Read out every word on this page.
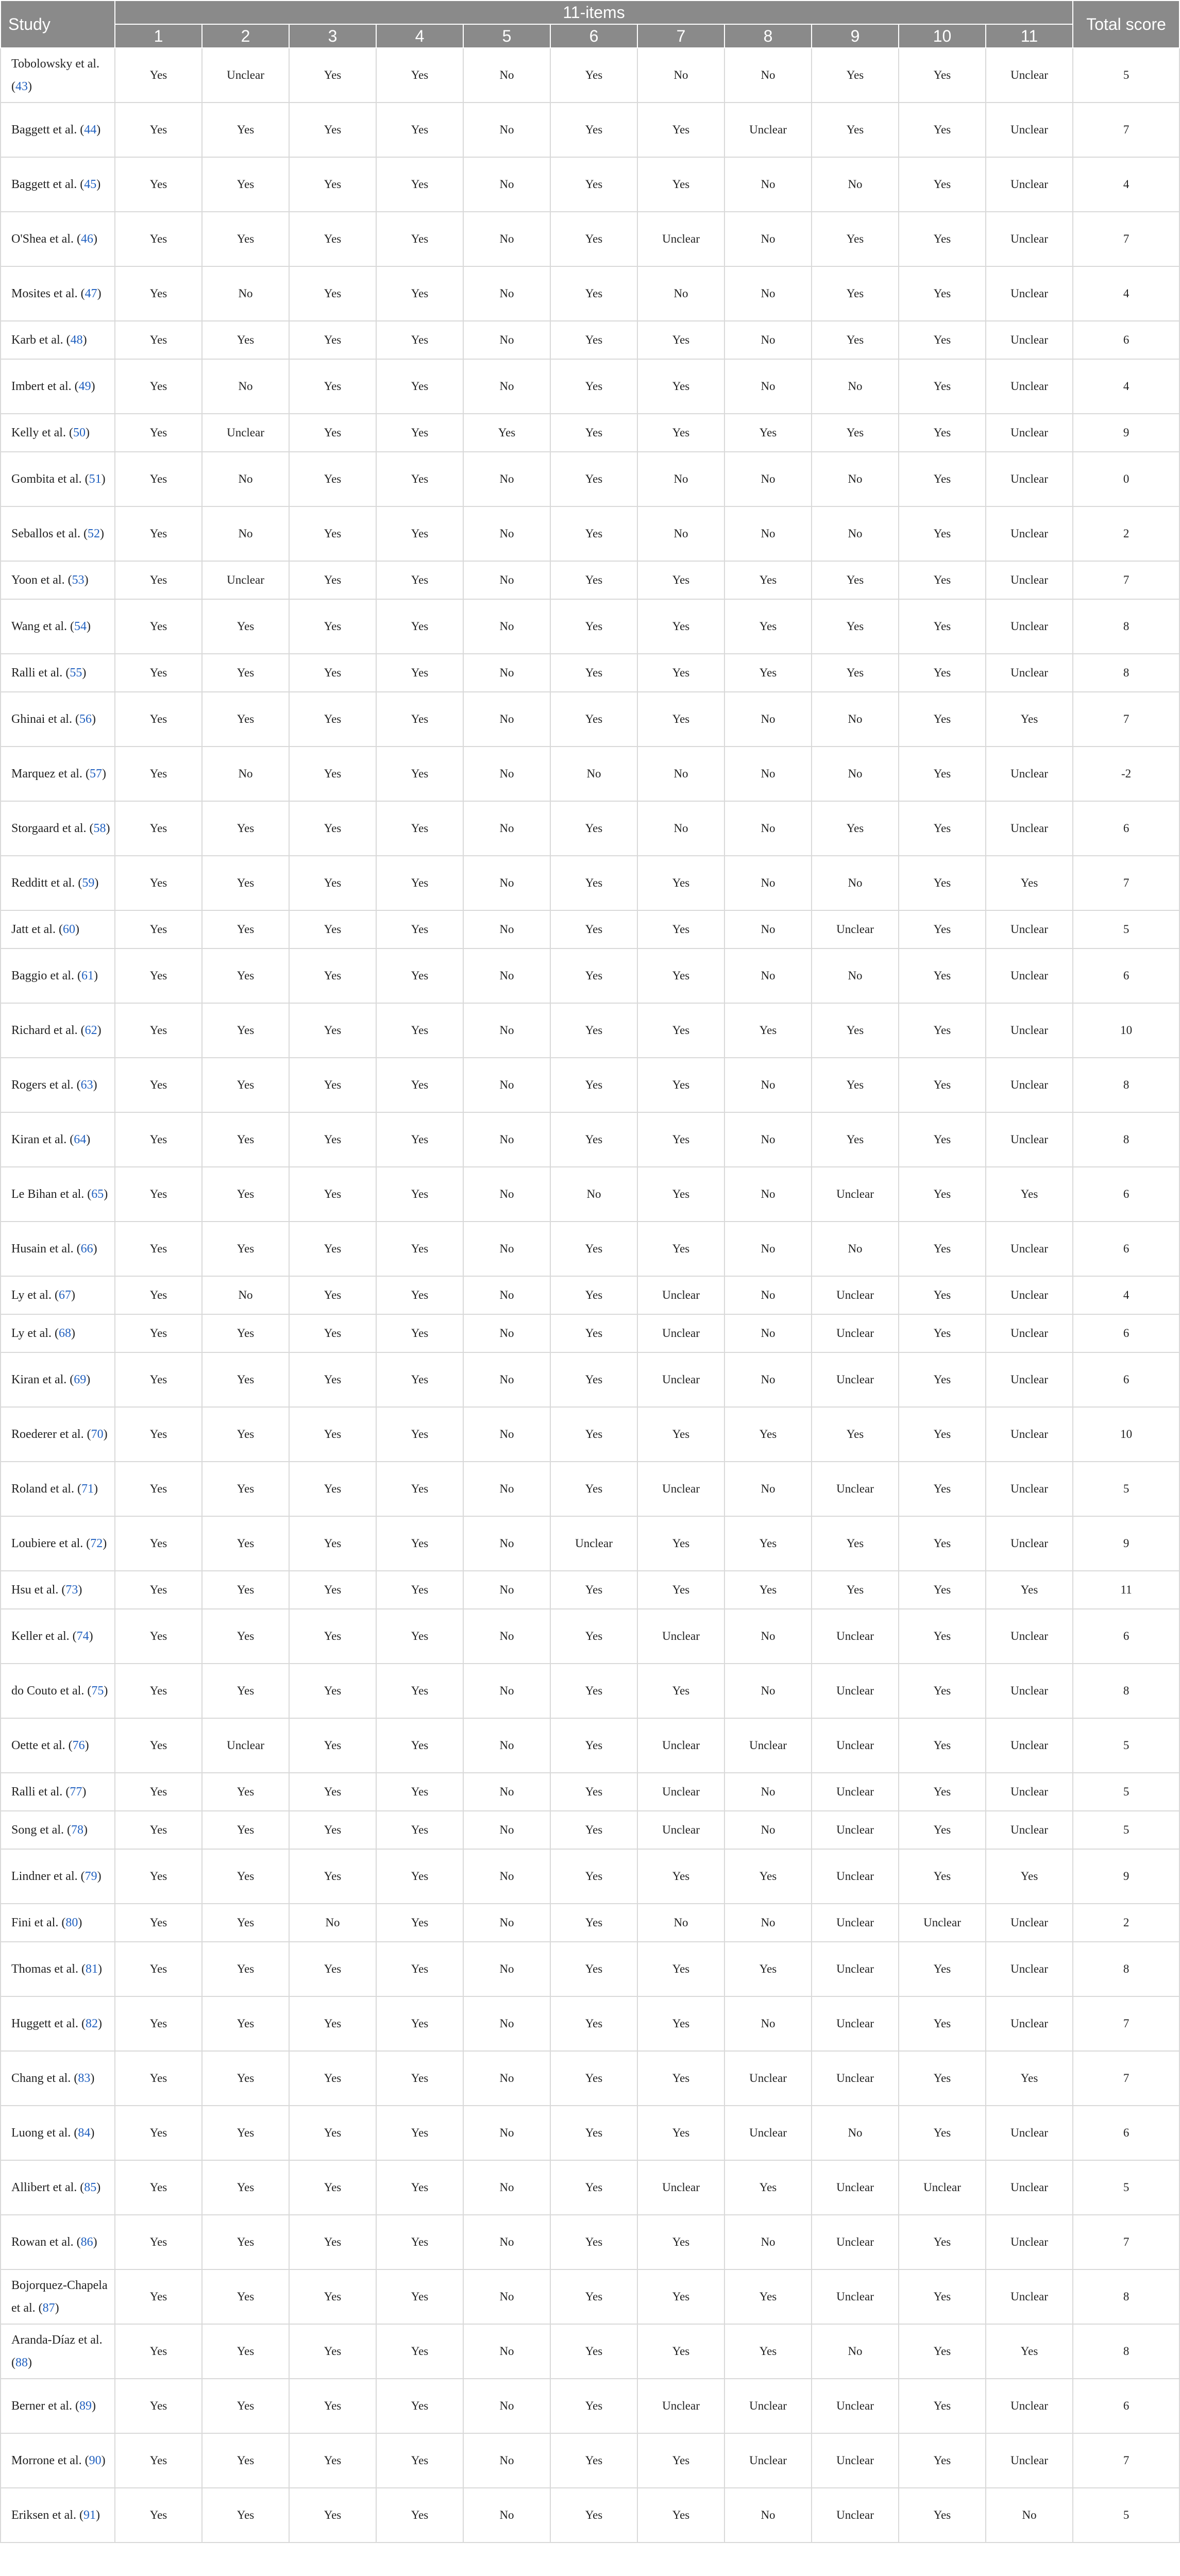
Study	11-items											Total score
	1	2	3	4	5	6	7	8	9	10	11	
Tobolowsky et al. (43)	Yes	Unclear	Yes	Yes	No	Yes	No	No	Yes	Yes	Unclear	5
Baggett et al. (44)	Yes	Yes	Yes	Yes	No	Yes	Yes	Unclear	Yes	Yes	Unclear	7
Baggett et al. (45)	Yes	Yes	Yes	Yes	No	Yes	Yes	No	No	Yes	Unclear	4
O'Shea et al. (46)	Yes	Yes	Yes	Yes	No	Yes	Unclear	No	Yes	Yes	Unclear	7
Mosites et al. (47)	Yes	No	Yes	Yes	No	Yes	No	No	Yes	Yes	Unclear	4
Karb et al. (48)	Yes	Yes	Yes	Yes	No	Yes	Yes	No	Yes	Yes	Unclear	6
Imbert et al. (49)	Yes	No	Yes	Yes	No	Yes	Yes	No	No	Yes	Unclear	4
Kelly et al. (50)	Yes	Unclear	Yes	Yes	Yes	Yes	Yes	Yes	Yes	Yes	Unclear	9
Gombita et al. (51)	Yes	No	Yes	Yes	No	Yes	No	No	No	Yes	Unclear	0
Seballos et al. (52)	Yes	No	Yes	Yes	No	Yes	No	No	No	Yes	Unclear	2
Yoon et al. (53)	Yes	Unclear	Yes	Yes	No	Yes	Yes	Yes	Yes	Yes	Unclear	7
Wang et al. (54)	Yes	Yes	Yes	Yes	No	Yes	Yes	Yes	Yes	Yes	Unclear	8
Ralli et al. (55)	Yes	Yes	Yes	Yes	No	Yes	Yes	Yes	Yes	Yes	Unclear	8
Ghinai et al. (56)	Yes	Yes	Yes	Yes	No	Yes	Yes	No	No	Yes	Yes	7
Marquez et al. (57)	Yes	No	Yes	Yes	No	No	No	No	No	Yes	Unclear	-2
Storgaard et al. (58)	Yes	Yes	Yes	Yes	No	Yes	No	No	Yes	Yes	Unclear	6
Redditt et al. (59)	Yes	Yes	Yes	Yes	No	Yes	Yes	No	No	Yes	Yes	7
Jatt et al. (60)	Yes	Yes	Yes	Yes	No	Yes	Yes	No	Unclear	Yes	Unclear	5
Baggio et al. (61)	Yes	Yes	Yes	Yes	No	Yes	Yes	No	No	Yes	Unclear	6
Richard et al. (62)	Yes	Yes	Yes	Yes	No	Yes	Yes	Yes	Yes	Yes	Unclear	10
Rogers et al. (63)	Yes	Yes	Yes	Yes	No	Yes	Yes	No	Yes	Yes	Unclear	8
Kiran et al. (64)	Yes	Yes	Yes	Yes	No	Yes	Yes	No	Yes	Yes	Unclear	8
Le Bihan et al. (65)	Yes	Yes	Yes	Yes	No	No	Yes	No	Unclear	Yes	Yes	6
Husain et al. (66)	Yes	Yes	Yes	Yes	No	Yes	Yes	No	No	Yes	Unclear	6
Ly et al. (67)	Yes	No	Yes	Yes	No	Yes	Unclear	No	Unclear	Yes	Unclear	4
Ly et al. (68)	Yes	Yes	Yes	Yes	No	Yes	Unclear	No	Unclear	Yes	Unclear	6
Kiran et al. (69)	Yes	Yes	Yes	Yes	No	Yes	Unclear	No	Unclear	Yes	Unclear	6
Roederer et al. (70)	Yes	Yes	Yes	Yes	No	Yes	Yes	Yes	Yes	Yes	Unclear	10
Roland et al. (71)	Yes	Yes	Yes	Yes	No	Yes	Unclear	No	Unclear	Yes	Unclear	5
Loubiere et al. (72)	Yes	Yes	Yes	Yes	No	Unclear	Yes	Yes	Yes	Yes	Unclear	9
Hsu et al. (73)	Yes	Yes	Yes	Yes	No	Yes	Yes	Yes	Yes	Yes	Yes	11
Keller et al. (74)	Yes	Yes	Yes	Yes	No	Yes	Unclear	No	Unclear	Yes	Unclear	6
do Couto et al. (75)	Yes	Yes	Yes	Yes	No	Yes	Yes	No	Unclear	Yes	Unclear	8
Oette et al. (76)	Yes	Unclear	Yes	Yes	No	Yes	Unclear	Unclear	Unclear	Yes	Unclear	5
Ralli et al. (77)	Yes	Yes	Yes	Yes	No	Yes	Unclear	No	Unclear	Yes	Unclear	5
Song et al. (78)	Yes	Yes	Yes	Yes	No	Yes	Unclear	No	Unclear	Yes	Unclear	5
Lindner et al. (79)	Yes	Yes	Yes	Yes	No	Yes	Yes	Yes	Unclear	Yes	Yes	9
Fini et al. (80)	Yes	Yes	No	Yes	No	Yes	No	No	Unclear	Unclear	Unclear	2
Thomas et al. (81)	Yes	Yes	Yes	Yes	No	Yes	Yes	Yes	Unclear	Yes	Unclear	8
Huggett et al. (82)	Yes	Yes	Yes	Yes	No	Yes	Yes	No	Unclear	Yes	Unclear	7
Chang et al. (83)	Yes	Yes	Yes	Yes	No	Yes	Yes	Unclear	Unclear	Yes	Yes	7
Luong et al. (84)	Yes	Yes	Yes	Yes	No	Yes	Yes	Unclear	No	Yes	Unclear	6
Allibert et al. (85)	Yes	Yes	Yes	Yes	No	Yes	Unclear	Yes	Unclear	Unclear	Unclear	5
Rowan et al. (86)	Yes	Yes	Yes	Yes	No	Yes	Yes	No	Unclear	Yes	Unclear	7
Bojorquez-Chapela et al. (87)	Yes	Yes	Yes	Yes	No	Yes	Yes	Yes	Unclear	Yes	Unclear	8
Aranda-Díaz et al. (88)	Yes	Yes	Yes	Yes	No	Yes	Yes	Yes	No	Yes	Yes	8
Berner et al. (89)	Yes	Yes	Yes	Yes	No	Yes	Unclear	Unclear	Unclear	Yes	Unclear	6
Morrone et al. (90)	Yes	Yes	Yes	Yes	No	Yes	Yes	Unclear	Unclear	Yes	Unclear	7
Eriksen et al. (91)	Yes	Yes	Yes	Yes	No	Yes	Yes	No	Unclear	Yes	No	5
